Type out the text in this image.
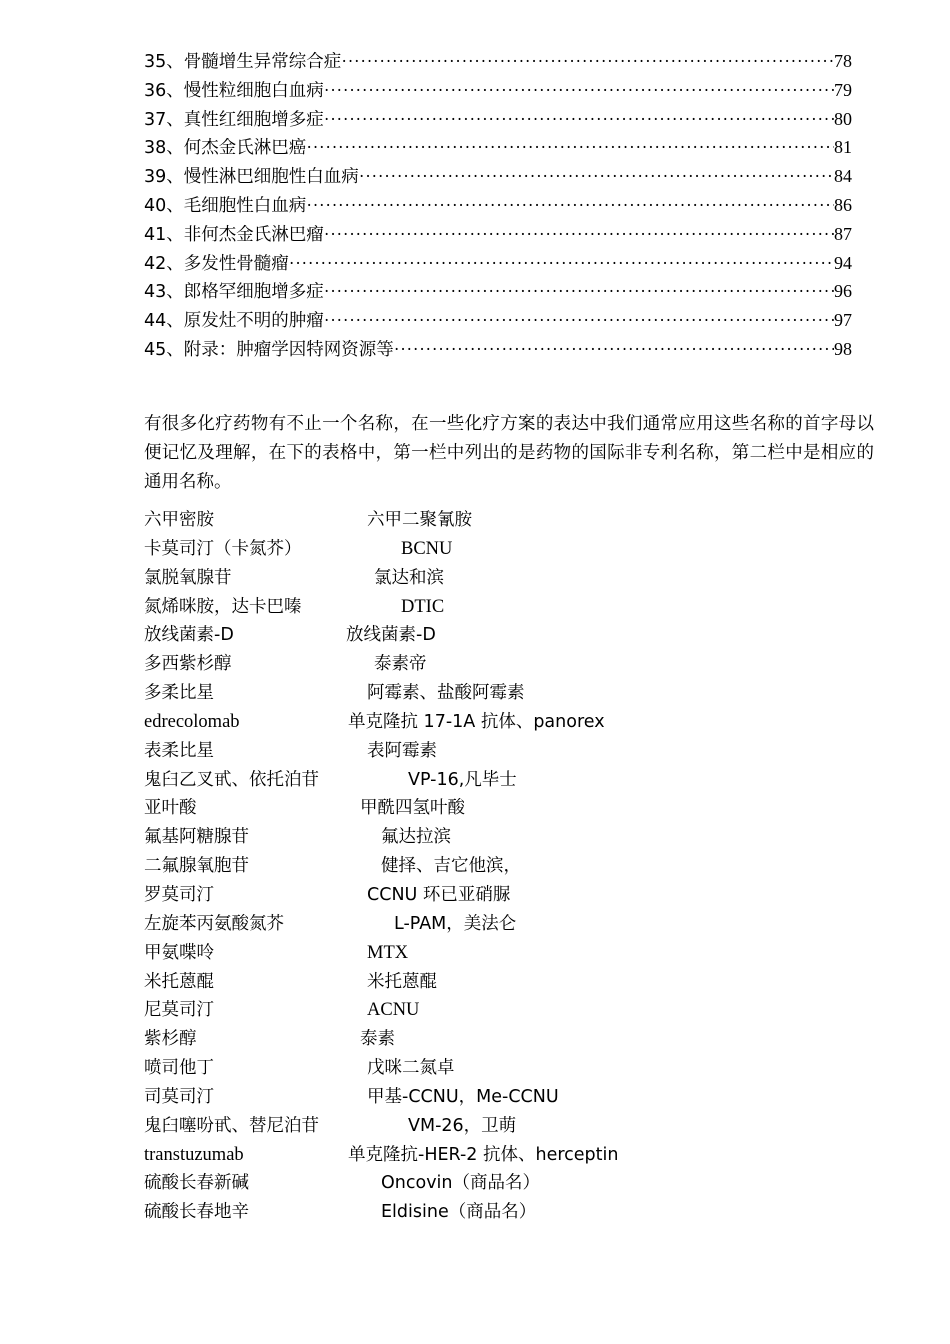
35、骨髓增生异常综合症 ·····	78
36、慢性粒细胞白血病 ·····	79
37、真性红细胞增多症 ·····	80
38、何杰金氏淋巴癌 ·····	81
39、慢性淋巴细胞性白血病 ·····	84
40、毛细胞性白血病 ·····	86
41、非何杰金氏淋巴瘤 ·····	87
42、多发性骨髓瘤 ·····	94
43、郎格罕细胞增多症 ·····	96
44、原发灶不明的肿瘤 ·····	97
45、附录：肿瘤学因特网资源等 ·····	98

有很多化疗药物有不止一个名称，在一些化疗方案的表达中我们通常应用这些名称的首字母以便记忆及理解，在下的表格中，第一栏中列出的是药物的国际非专利名称，第二栏中是相应的通用名称。

六甲密胺	六甲二聚氰胺
卡莫司汀（卡氮芥）	BCNU
氯脱氧腺苷	氯达和滨
氮烯咪胺，达卡巴嗪	DTIC
放线菌素-D	放线菌素-D
多西紫杉醇	泰素帝
多柔比星	阿霉素、盐酸阿霉素
edrecolomab	单克隆抗 17-1A 抗体、panorex
表柔比星	表阿霉素
鬼臼乙叉甙、依托泊苷	VP-16,凡毕士
亚叶酸	甲酰四氢叶酸
氟基阿糖腺苷	氟达拉滨
二氟腺氧胞苷	健择、吉它他滨，
罗莫司汀	CCNU 环已亚硝脲
左旋苯丙氨酸氮芥	L-PAM，美法仑
甲氨喋呤	MTX
米托蒽醌	米托蒽醌
尼莫司汀	ACNU
紫杉醇	泰素
喷司他丁	戊咪二氮卓
司莫司汀	甲基-CCNU，Me-CCNU
鬼臼噻吩甙、替尼泊苷	VM-26，卫萌
transtuzumab	单克隆抗-HER-2 抗体、herceptin
硫酸长春新碱	Oncovin（商品名）
硫酸长春地辛	Eldisine（商品名）
